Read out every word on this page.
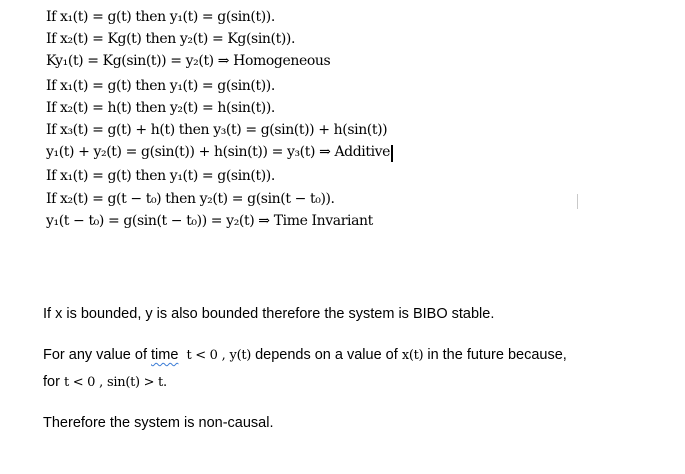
If x₁(t) = g(t) then y₁(t) = g(sin(t)).
If x₂(t) = Kg(t) then y₂(t) = Kg(sin(t)).
Ky₁(t) = Kg(sin(t)) = y₂(t) ⇒ Homogeneous
If x₁(t) = g(t) then y₁(t) = g(sin(t)).
If x₂(t) = h(t) then y₂(t) = h(sin(t)).
If x₃(t) = g(t) + h(t) then y₃(t) = g(sin(t)) + h(sin(t))
y₁(t) + y₂(t) = g(sin(t)) + h(sin(t)) = y₃(t) ⇒ Additive
If x₁(t) = g(t) then y₁(t) = g(sin(t)).
If x₂(t) = g(t − t₀) then y₂(t) = g(sin(t − t₀)).
y₁(t − t₀) = g(sin(t − t₀)) = y₂(t) ⇒ Time Invariant
If x is bounded, y is also bounded therefore the system is BIBO stable.
For any value of time t < 0 , y(t) depends on a value of x(t) in the future because,
for t < 0 , sin(t) > t.
Therefore the system is non-causal.
